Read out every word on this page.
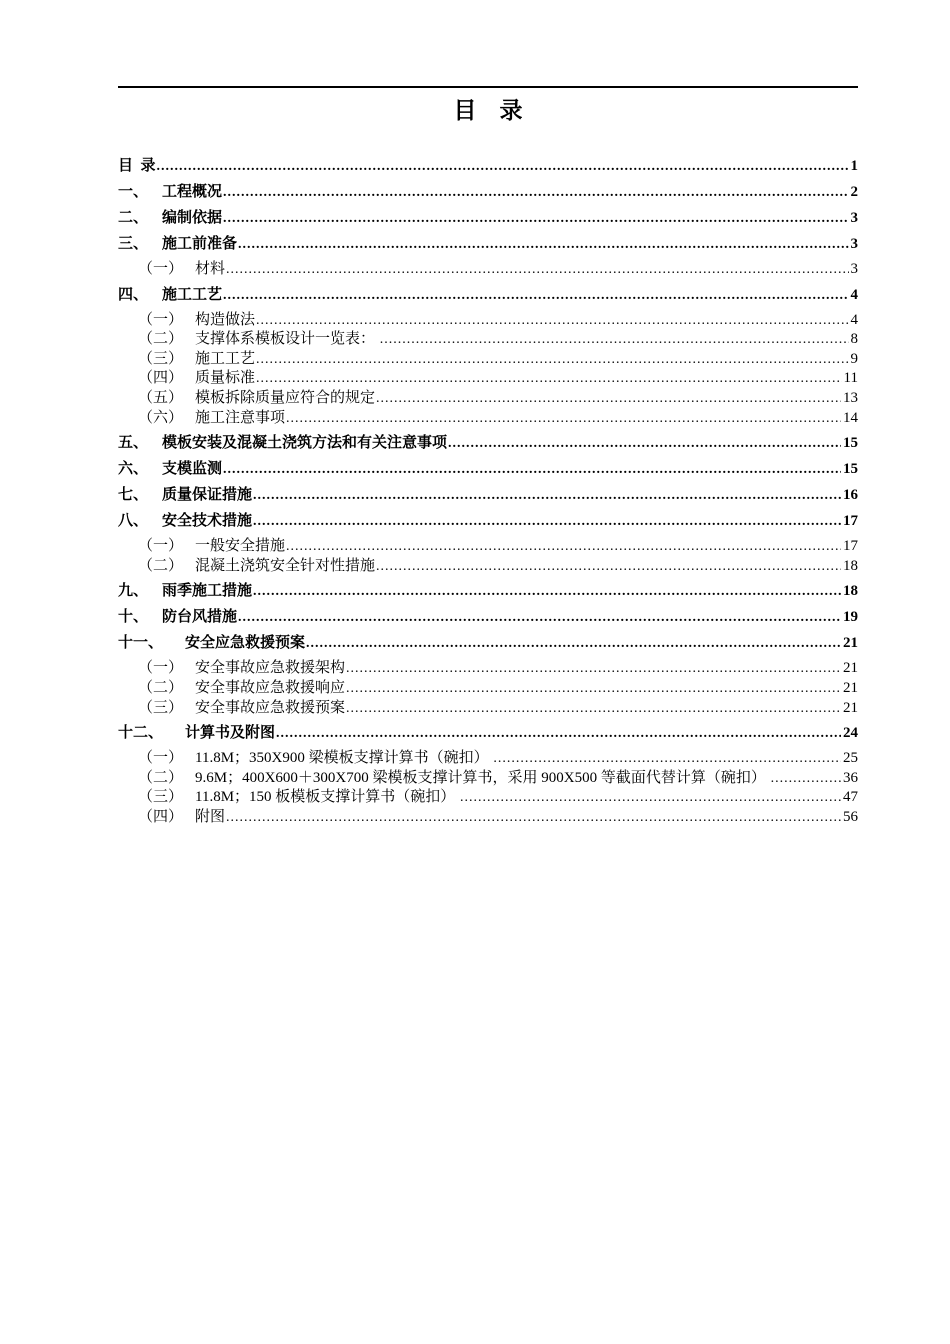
目　录
目  录 .....	1
一、 工程概况 .....	2
二、 编制依据 .....	3
三、 施工前准备 .....	3
（一） 材料 .....	3
四、 施工工艺 .....	4
（一） 构造做法 .....	4
（二） 支撑体系模板设计一览表： .....	8
（三） 施工工艺 .....	9
（四） 质量标准 .....	11
（五） 模板拆除质量应符合的规定 .....	13
（六） 施工注意事项 .....	14
五、 模板安装及混凝土浇筑方法和有关注意事项 .....	15
六、 支模监测 .....	15
七、 质量保证措施 .....	16
八、 安全技术措施 .....	17
（一） 一般安全措施 .....	17
（二） 混凝土浇筑安全针对性措施 .....	18
九、 雨季施工措施 .....	18
十、 防台风措施 .....	19
十一、	安全应急救援预案 .....	21
（一） 安全事故应急救援架构 .....	21
（二） 安全事故应急救援响应 .....	21
（三） 安全事故应急救援预案 .....	21
十二、	计算书及附图 .....	24
（一） 11.8M；350X900 梁模板支撑计算书（碗扣） .....	25
（二） 9.6M；400X600＋300X700 梁模板支撑计算书，采用 900X500 等截面代替计算（碗扣） .....	36
（三） 11.8M；150 板模板支撑计算书（碗扣） .....	47
（四） 附图 .....	56
